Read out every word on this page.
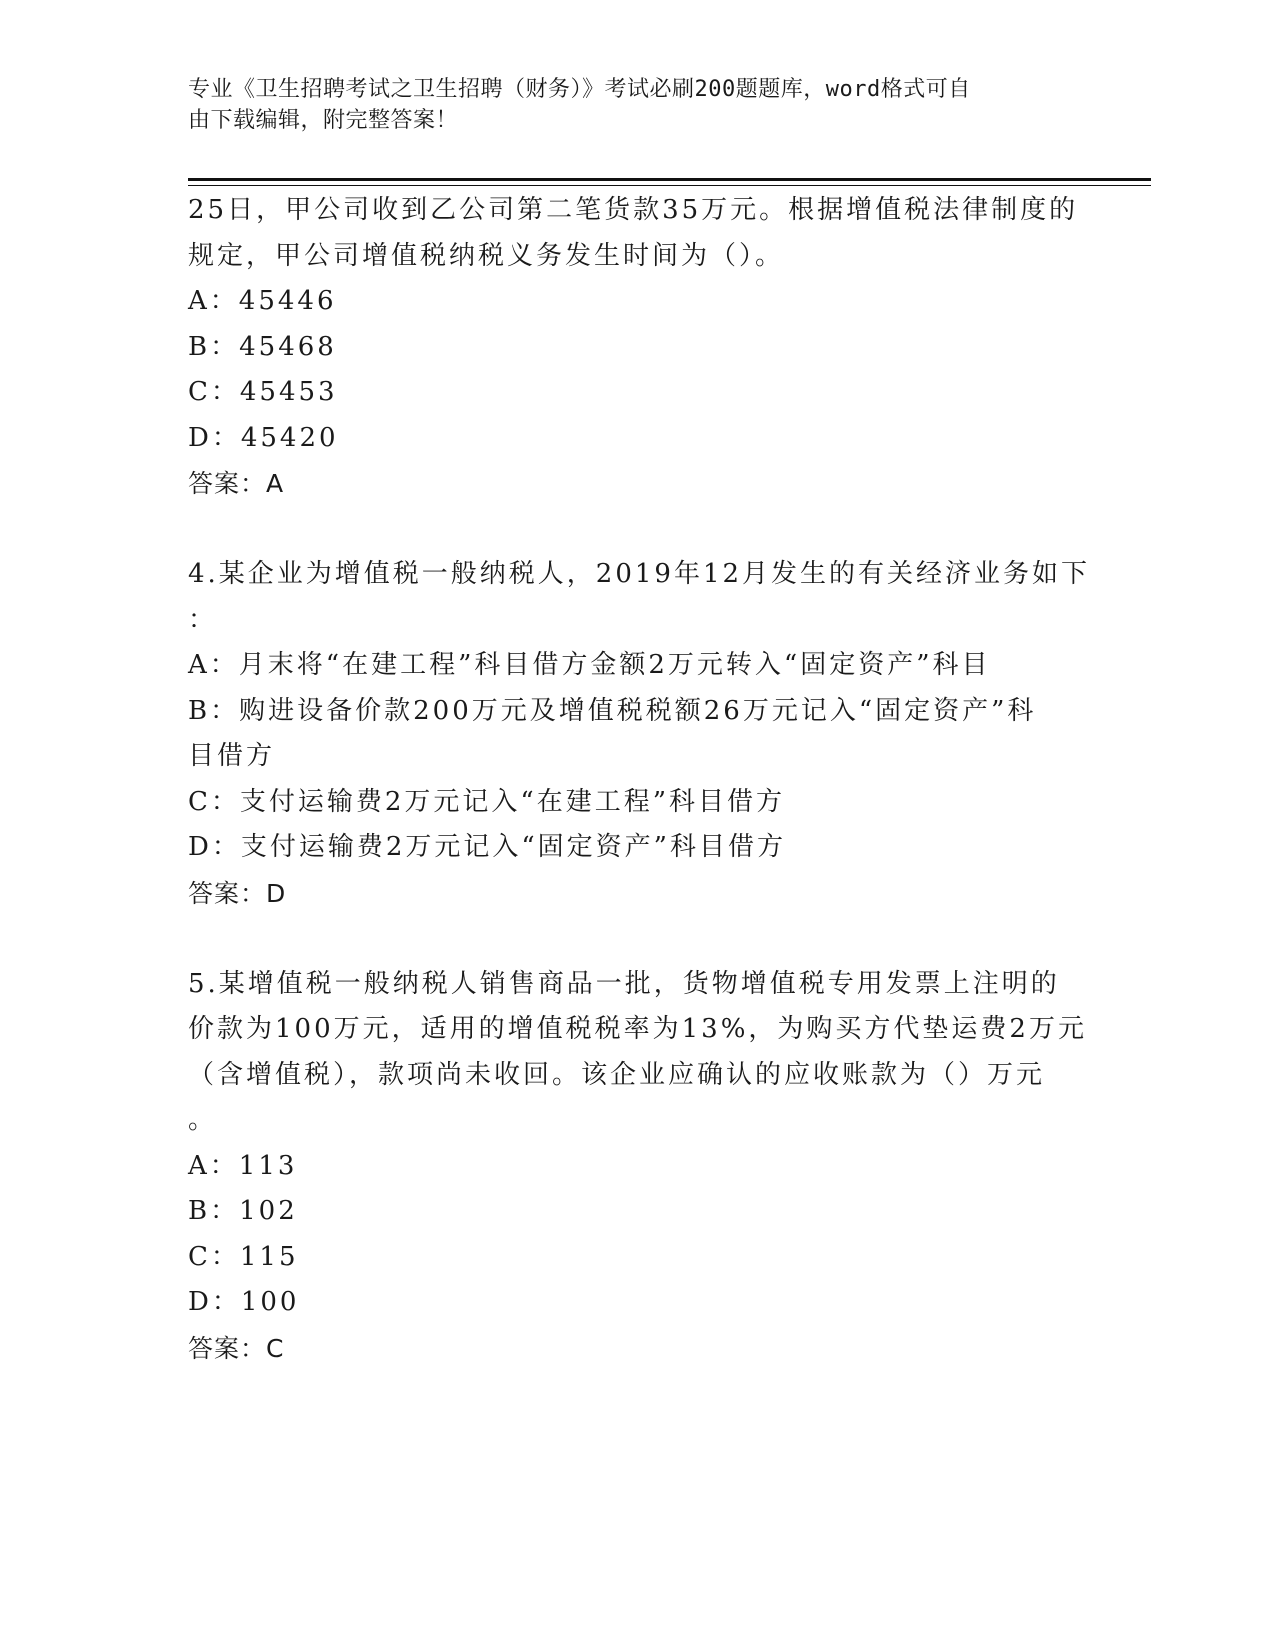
专业《卫生招聘考试之卫生招聘（财务）》考试必刷200题题库，word格式可自
由下载编辑，附完整答案！
25日，甲公司收到乙公司第二笔货款35万元。根据增值税法律制度的
规定，甲公司增值税纳税义务发生时间为（）。
A：45446
B：45468
C：45453
D：45420
答案：A
4.某企业为增值税一般纳税人，2019年12月发生的有关经济业务如下
：
A：月末将“在建工程”科目借方金额2万元转入“固定资产”科目
B：购进设备价款200万元及增值税税额26万元记入“固定资产”科
目借方
C：支付运输费2万元记入“在建工程”科目借方
D：支付运输费2万元记入“固定资产”科目借方
答案：D
5.某增值税一般纳税人销售商品一批，货物增值税专用发票上注明的
价款为100万元，适用的增值税税率为13%，为购买方代垫运费2万元
（含增值税），款项尚未收回。该企业应确认的应收账款为（）万元
。
A：113
B：102
C：115
D：100
答案：C
